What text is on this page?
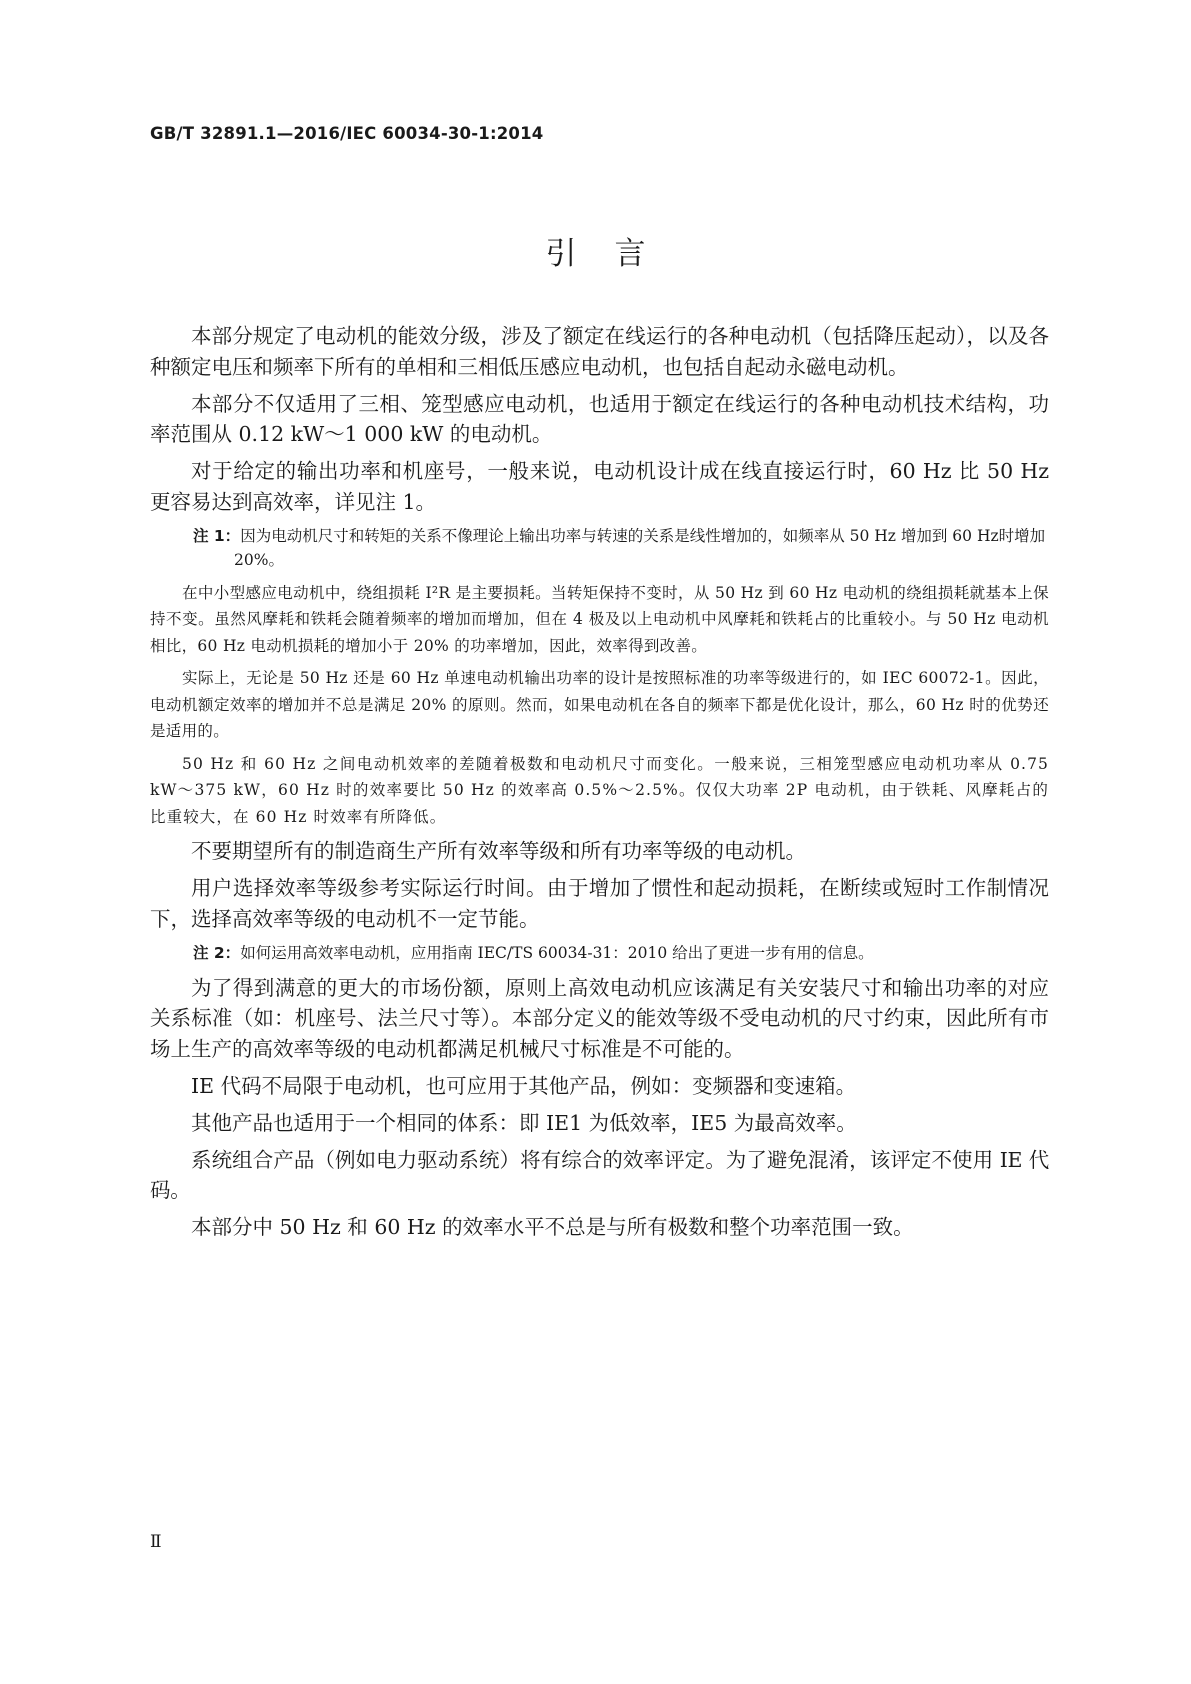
GB/T 32891.1—2016/IEC 60034-30-1:2014
引言

本部分规定了电动机的能效分级，涉及了额定在线运行的各种电动机（包括降压起动），以及各种额定电压和频率下所有的单相和三相低压感应电动机，也包括自起动永磁电动机。

本部分不仅适用了三相、笼型感应电动机，也适用于额定在线运行的各种电动机技术结构，功率范围从 0.12 kW～1 000 kW 的电动机。

对于给定的输出功率和机座号，一般来说，电动机设计成在线直接运行时，60 Hz 比 50 Hz 更容易达到高效率，详见注 1。

注 1：因为电动机尺寸和转矩的关系不像理论上输出功率与转速的关系是线性增加的，如频率从 50 Hz 增加到 60 Hz时增加 20%。

在中小型感应电动机中，绕组损耗 I²R 是主要损耗。当转矩保持不变时，从 50 Hz 到 60 Hz 电动机的绕组损耗就基本上保持不变。虽然风摩耗和铁耗会随着频率的增加而增加，但在 4 极及以上电动机中风摩耗和铁耗占的比重较小。与 50 Hz 电动机相比，60 Hz 电动机损耗的增加小于 20% 的功率增加，因此，效率得到改善。

实际上，无论是 50 Hz 还是 60 Hz 单速电动机输出功率的设计是按照标准的功率等级进行的，如 IEC 60072-1。因此，电动机额定效率的增加并不总是满足 20% 的原则。然而，如果电动机在各自的频率下都是优化设计，那么，60 Hz 时的优势还是适用的。

50 Hz 和 60 Hz 之间电动机效率的差随着极数和电动机尺寸而变化。一般来说，三相笼型感应电动机功率从 0.75 kW～375 kW，60 Hz 时的效率要比 50 Hz 的效率高 0.5%～2.5%。仅仅大功率 2P 电动机，由于铁耗、风摩耗占的比重较大，在 60 Hz 时效率有所降低。

不要期望所有的制造商生产所有效率等级和所有功率等级的电动机。

用户选择效率等级参考实际运行时间。由于增加了惯性和起动损耗，在断续或短时工作制情况下，选择高效率等级的电动机不一定节能。

注 2：如何运用高效率电动机，应用指南 IEC/TS 60034-31：2010 给出了更进一步有用的信息。

为了得到满意的更大的市场份额，原则上高效电动机应该满足有关安装尺寸和输出功率的对应关系标准（如：机座号、法兰尺寸等）。本部分定义的能效等级不受电动机的尺寸约束，因此所有市场上生产的高效率等级的电动机都满足机械尺寸标准是不可能的。

IE 代码不局限于电动机，也可应用于其他产品，例如：变频器和变速箱。

其他产品也适用于一个相同的体系：即 IE1 为低效率，IE5 为最高效率。

系统组合产品（例如电力驱动系统）将有综合的效率评定。为了避免混淆，该评定不使用 IE 代码。

本部分中 50 Hz 和 60 Hz 的效率水平不总是与所有极数和整个功率范围一致。

Ⅱ
